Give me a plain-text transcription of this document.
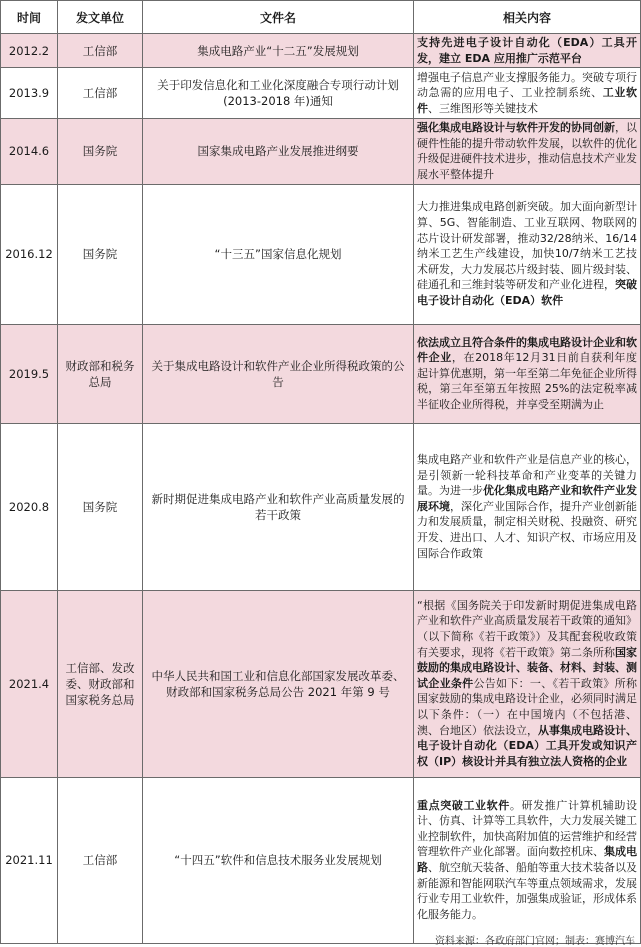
时间	发文单位	文件名	相关内容
2012.2	工信部	集成电路产业“十二五”发展规划	支持先进电子设计自动化（EDA）工具开发，建立 EDA 应用推广示范平台
2013.9	工信部	关于印发信息化和工业化深度融合专项行动计划(2013-2018 年)通知	增强电子信息产业支撑服务能力。突破专项行动急需的应用电子、工业控制系统、工业软件、三维图形等关键技术
2014.6	国务院	国家集成电路产业发展推进纲要	强化集成电路设计与软件开发的协同创新，以硬件性能的提升带动软件发展，以软件的优化升级促进硬件技术进步，推动信息技术产业发展水平整体提升
2016.12	国务院	“十三五”国家信息化规划	大力推进集成电路创新突破。加大面向新型计算、5G、智能制造、工业互联网、物联网的芯片设计研发部署，推动32/28纳米、16/14纳米工艺生产线建设，加快10/7纳米工艺技术研发，大力发展芯片级封装、圆片级封装、硅通孔和三维封装等研发和产业化进程，突破电子设计自动化（EDA）软件
2019.5	财政部和税务总局	关于集成电路设计和软件产业企业所得税政策的公告	依法成立且符合条件的集成电路设计企业和软件企业，在2018年12月31日前自获利年度起计算优惠期，第一年至第二年免征企业所得税，第三年至第五年按照 25%的法定税率减半征收企业所得税，并享受至期满为止
2020.8	国务院	新时期促进集成电路产业和软件产业高质量发展的若干政策	集成电路产业和软件产业是信息产业的核心，是引领新一轮科技革命和产业变革的关键力量。为进一步优化集成电路产业和软件产业发展环境，深化产业国际合作，提升产业创新能力和发展质量，制定相关财税、投融资、研究开发、进出口、人才、知识产权、市场应用及国际合作政策
2021.4	工信部、发改委、财政部和国家税务总局	中华人民共和国工业和信息化部国家发展改革委、财政部和国家税务总局公告 2021 年第 9 号	“根据《国务院关于印发新时期促进集成电路产业和软件产业高质量发展若干政策的通知》（以下简称《若干政策》）及其配套税收政策有关要求，现将《若干政策》第二条所称国家鼓励的集成电路设计、装备、材料、封装、测试企业条件公告如下：一、《若干政策》所称国家鼓励的集成电路设计企业，必须同时满足以下条件：（一）在中国境内（不包括港、澳、台地区）依法设立，从事集成电路设计、电子设计自动化（EDA）工具开发或知识产权（IP）核设计并具有独立法人资格的企业
2021.11	工信部	“十四五”软件和信息技术服务业发展规划	重点突破工业软件。研发推广计算机辅助设计、仿真、计算等工具软件，大力发展关键工业控制软件，加快高附加值的运营维护和经营管理软件产业化部署。面向数控机床、集成电路、航空航天装备、船舶等重大技术装备以及新能源和智能网联汽车等重点领域需求，发展行业专用工业软件，加强集成验证，形成体系化服务能力。
资料来源：各政府部门官网；制表：赛博汽车
